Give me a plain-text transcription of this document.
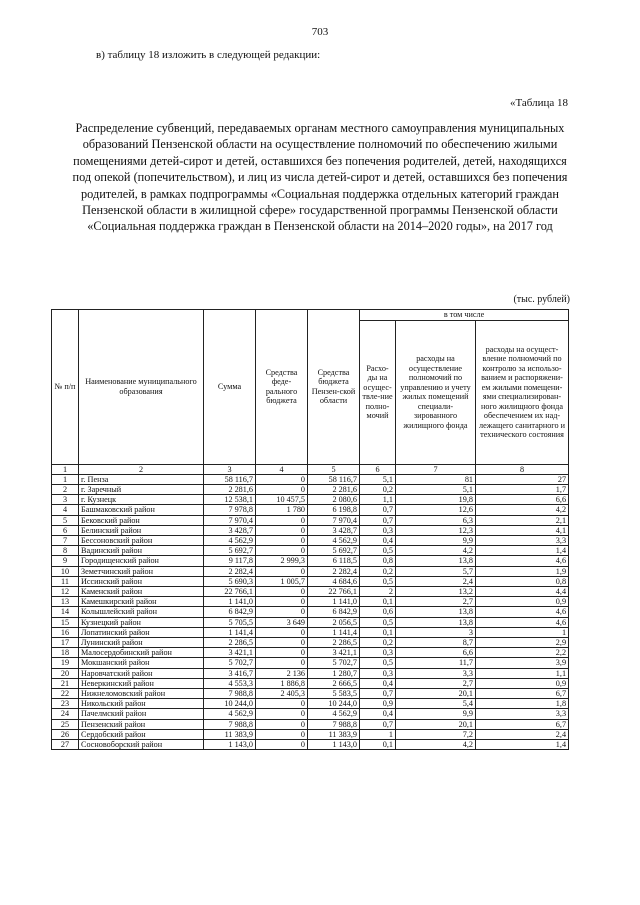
703
в) таблицу 18 изложить в следующей редакции:
«Таблица 18
Распределение субвенций, передаваемых органам местного самоуправления муниципальных образований Пензенской области на осуществление полномочий по обеспечению жилыми помещениями детей-сирот и детей, оставшихся без попечения родителей, детей, находящихся под опекой (попечительством), и лиц из числа детей-сирот и детей, оставшихся без попечения родителей, в рамках подпрограммы «Социальная поддержка отдельных категорий граждан Пензенской области в жилищной сфере» государственной программы Пензенской области «Социальная поддержка граждан в Пензенской области на 2014–2020 годы», на 2017 год
(тыс. рублей)
№ п/п	Наименование муниципального образования	Сумма	Средства феде-рального бюджета	Средства бюджета Пензен-ской области	в том числе		
					Расхо-ды на осущес-твле-ние полно-мочий	расходы на осуществление полномочий по управлению и учету жилых помещений специали-зированного жилищного фонда	расходы на осущест-вление полномочий по контролю за использо-ванием и распоряжени-ем жилыми помещени-ями специализирован-ного жилищного фонда обеспечением их над-лежащего санитарного и технического состояния
1	2	3	4	5	6	7	8
1	г. Пенза	58 116,7	0	58 116,7	5,1	81	27
2	г. Заречный	2 281,6	0	2 281,6	0,2	5,1	1,7
3	г. Кузнецк	12 538,1	10 457,5	2 080,6	1,1	19,8	6,6
4	Башмаковский район	7 978,8	1 780	6 198,8	0,7	12,6	4,2
5	Бековский район	7 970,4	0	7 970,4	0,7	6,3	2,1
6	Белинский район	3 428,7	0	3 428,7	0,3	12,3	4,1
7	Бессоновский район	4 562,9	0	4 562,9	0,4	9,9	3,3
8	Вадинский район	5 692,7	0	5 692,7	0,5	4,2	1,4
9	Городищенский район	9 117,8	2 999,3	6 118,5	0,8	13,8	4,6
10	Земетчинский район	2 282,4	0	2 282,4	0,2	5,7	1,9
11	Иссинский район	5 690,3	1 005,7	4 684,6	0,5	2,4	0,8
12	Каменский район	22 766,1	0	22 766,1	2	13,2	4,4
13	Камешкирский район	1 141,0	0	1 141,0	0,1	2,7	0,9
14	Колышлейский район	6 842,9	0	6 842,9	0,6	13,8	4,6
15	Кузнецкий район	5 705,5	3 649	2 056,5	0,5	13,8	4,6
16	Лопатинский район	1 141,4	0	1 141,4	0,1	3	1
17	Лунинский район	2 286,5	0	2 286,5	0,2	8,7	2,9
18	Малосердобинский район	3 421,1	0	3 421,1	0,3	6,6	2,2
19	Мокшанский район	5 702,7	0	5 702,7	0,5	11,7	3,9
20	Наровчатский район	3 416,7	2 136	1 280,7	0,3	3,3	1,1
21	Неверкинский район	4 553,3	1 886,8	2 666,5	0,4	2,7	0,9
22	Нижнеломовский район	7 988,8	2 405,3	5 583,5	0,7	20,1	6,7
23	Никольский район	10 244,0	0	10 244,0	0,9	5,4	1,8
24	Пачелмский район	4 562,9	0	4 562,9	0,4	9,9	3,3
25	Пензенский район	7 988,8	0	7 988,8	0,7	20,1	6,7
26	Сердобский район	11 383,9	0	11 383,9	1	7,2	2,4
27	Сосновоборский район	1 143,0	0	1 143,0	0,1	4,2	1,4
